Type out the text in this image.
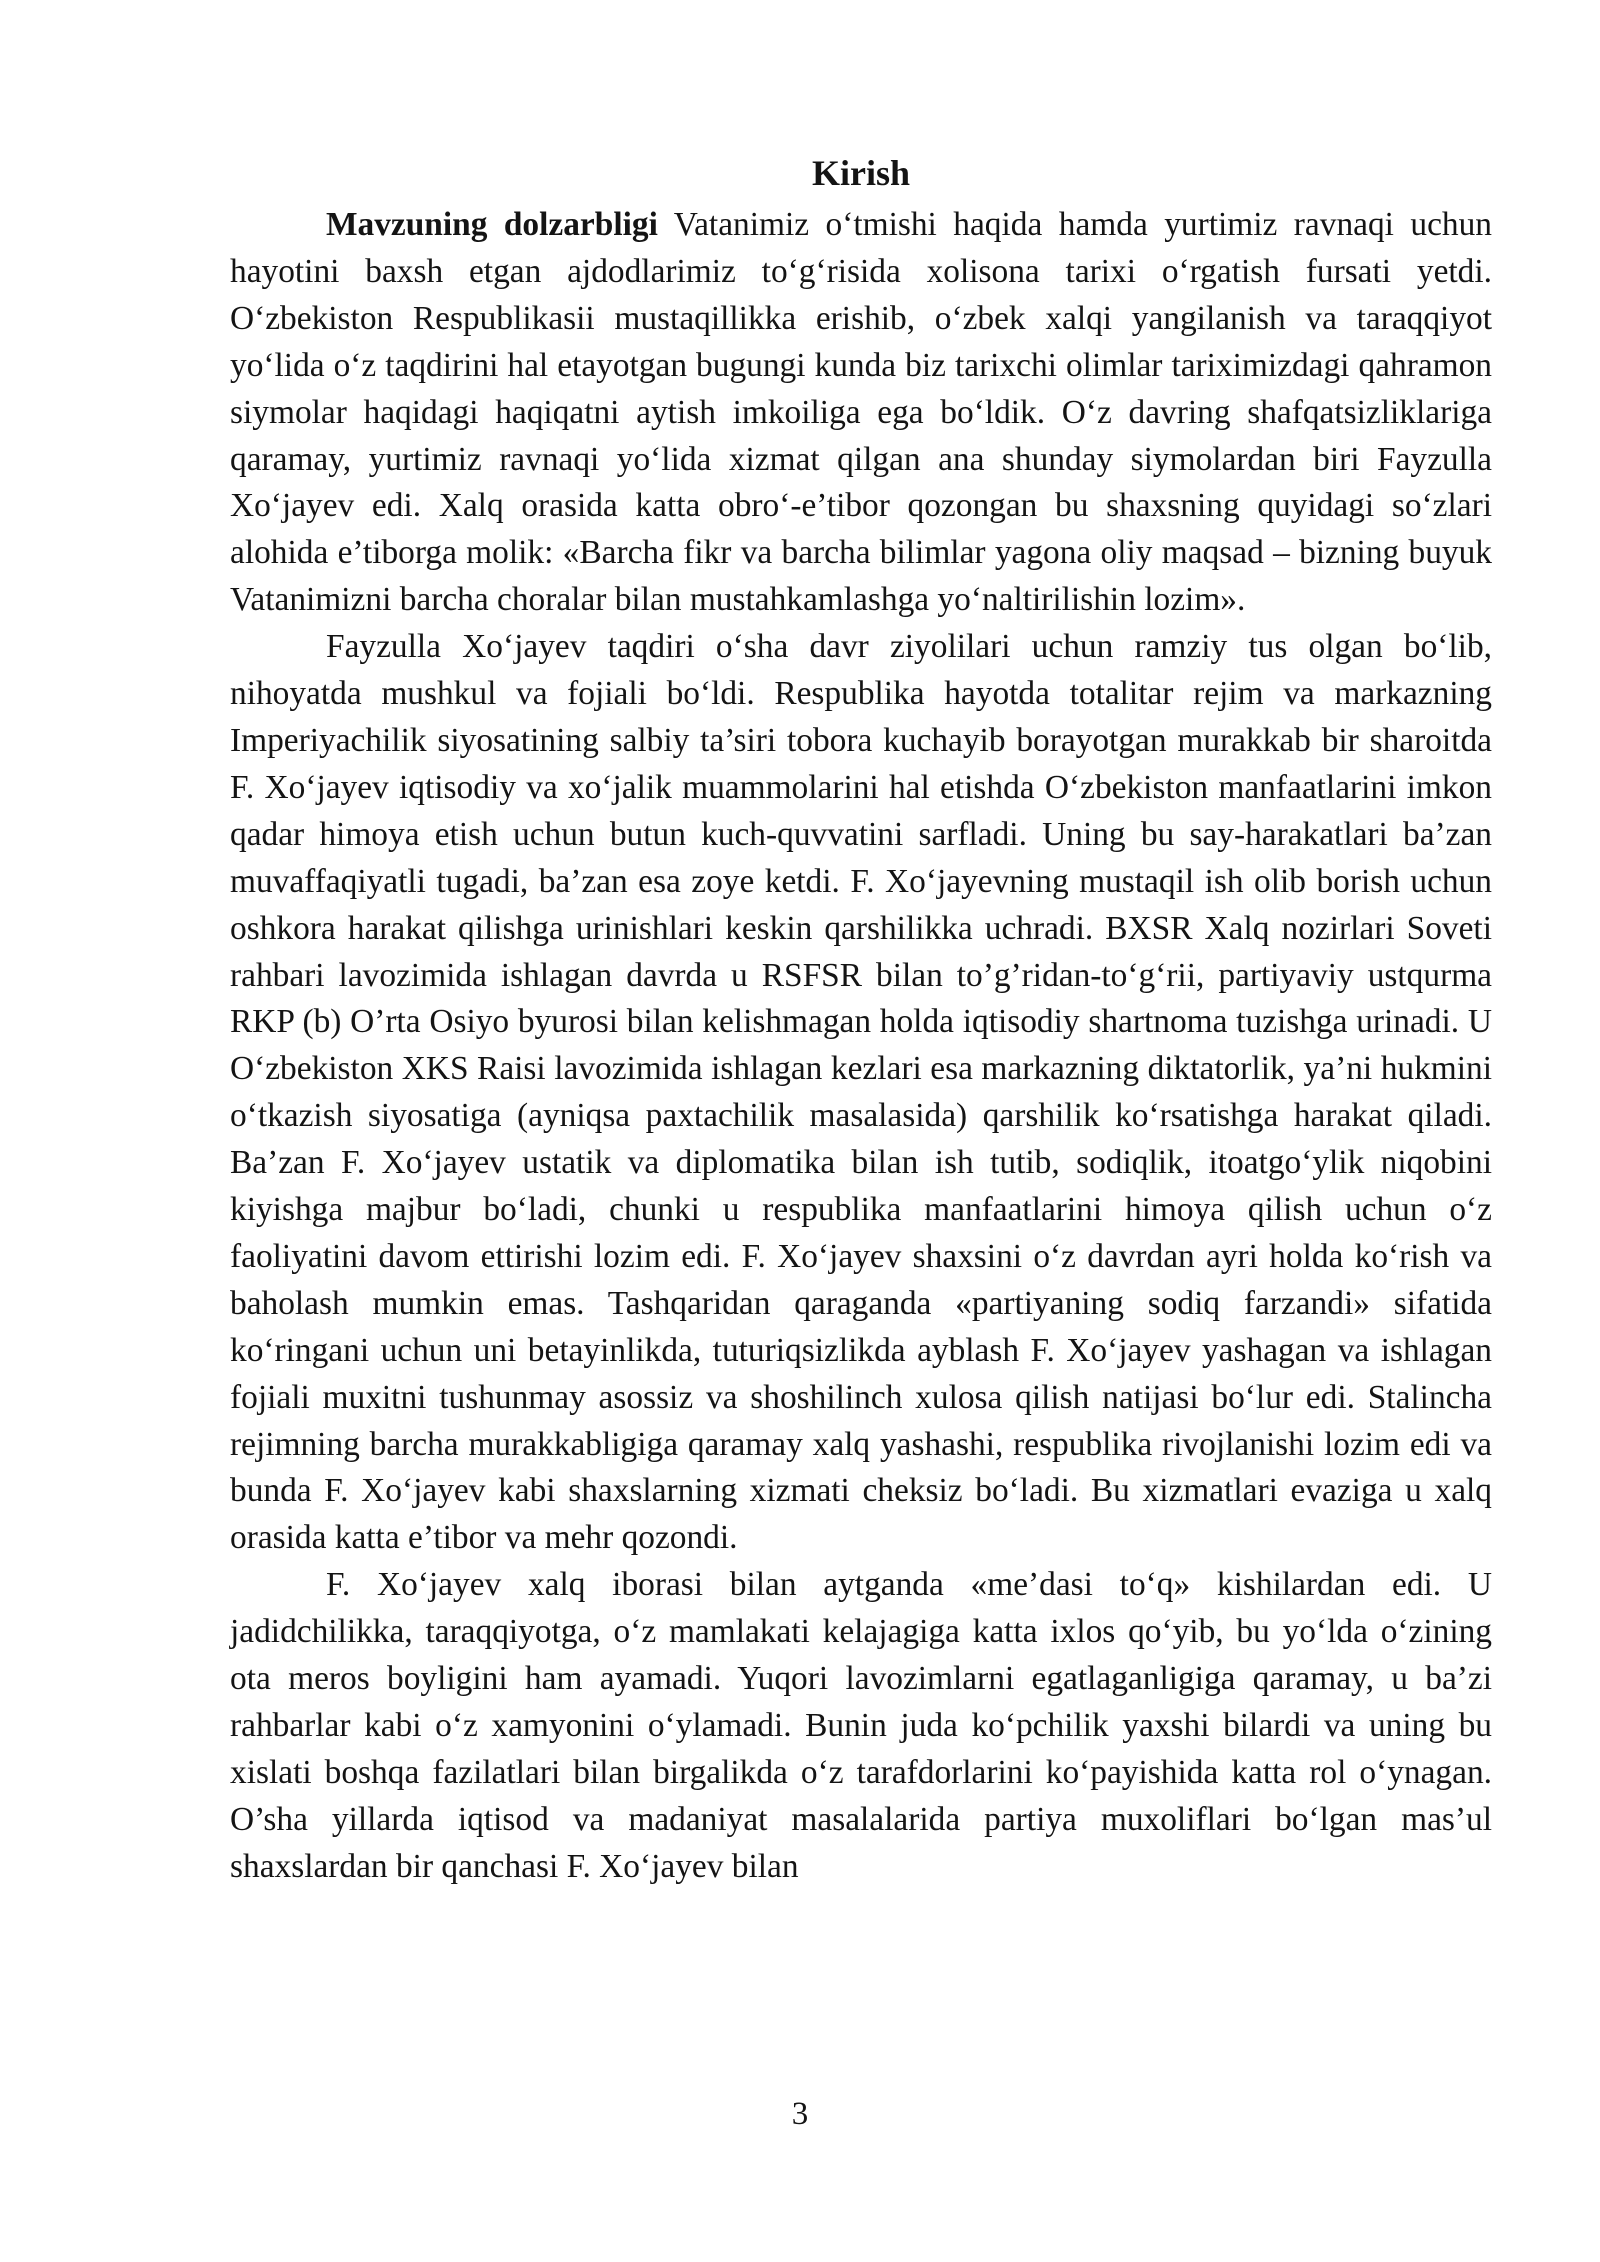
Kirish

Mavzuning dolzarbligi Vatanimiz o‘tmishi haqida hamda yurtimiz ravnaqi uchun hayotini baxsh etgan ajdodlarimiz to‘g‘risida xolisona tarixi o‘rgatish fursati yetdi. O‘zbekiston Respublikasii mustaqillikka erishib, o‘zbek xalqi yangilanish va taraqqiyot yo‘lida o‘z taqdirini hal etayotgan bugungi kunda biz tarixchi olimlar tariximizdagi qahramon siymolar haqidagi haqiqatni aytish imkoiliga ega bo‘ldik. O‘z davring shafqatsizliklariga qaramay, yurtimiz ravnaqi yo‘lida xizmat qilgan ana shunday siymolardan biri Fayzulla Xo‘jayev edi. Xalq orasida katta obro‘-e’tibor qozongan bu shaxsning quyidagi so‘zlari alohida e’tiborga molik: «Barcha fikr va barcha bilimlar yagona oliy maqsad – bizning buyuk Vatanimizni barcha choralar bilan mustahkamlashga yo‘naltirilishin lozim».

Fayzulla Xo‘jayev taqdiri o‘sha davr ziyolilari uchun ramziy tus olgan bo‘lib, nihoyatda mushkul va fojiali bo‘ldi. Respublika hayotda totalitar rejim va markazning Imperiyachilik siyosatining salbiy ta’siri tobora kuchayib borayotgan murakkab bir sharoitda F. Xo‘jayev iqtisodiy va xo‘jalik muammolarini hal etishda O‘zbekiston manfaatlarini imkon qadar himoya etish uchun butun kuch-quvvatini sarfladi. Uning bu say-harakatlari ba’zan muvaffaqiyatli tugadi, ba’zan esa zoye ketdi. F. Xo‘jayevning mustaqil ish olib borish uchun oshkora harakat qilishga urinishlari keskin qarshilikka uchradi. BXSR Xalq nozirlari Soveti rahbari lavozimida ishlagan davrda u RSFSR bilan to’g’ridan-to‘g‘rii, partiyaviy ustqurma RKP (b) O’rta Osiyo byurosi bilan kelishmagan holda iqtisodiy shartnoma tuzishga urinadi. U O‘zbekiston XKS Raisi lavozimida ishlagan kezlari esa markazning diktatorlik, ya’ni hukmini o‘tkazish siyosatiga (ayniqsa paxtachilik masalasida) qarshilik ko‘rsatishga harakat qiladi. Ba’zan F. Xo‘jayev ustatik va diplomatika bilan ish tutib, sodiqlik, itoatgo‘ylik niqobini kiyishga majbur bo‘ladi, chunki u respublika manfaatlarini himoya qilish uchun o‘z faoliyatini davom ettirishi lozim edi. F. Xo‘jayev shaxsini o‘z davrdan ayri holda ko‘rish va baholash mumkin emas. Tashqaridan qaraganda «partiyaning sodiq farzandi» sifatida ko‘ringani uchun uni betayinlikda, tuturiqsizlikda ayblash F. Xo‘jayev yashagan va ishlagan fojiali muxitni tushunmay asossiz va shoshilinch xulosa qilish natijasi bo‘lur edi. Stalincha rejimning barcha murakkabligiga qaramay xalq yashashi, respublika rivojlanishi lozim edi va bunda F. Xo‘jayev kabi shaxslarning xizmati cheksiz bo‘ladi. Bu xizmatlari evaziga u xalq orasida katta e’tibor va mehr qozondi.

F. Xo‘jayev xalq iborasi bilan aytganda «me’dasi to‘q» kishilardan edi. U jadidchilikka, taraqqiyotga, o‘z mamlakati kelajagiga katta ixlos qo‘yib, bu yo‘lda o‘zining ota meros boyligini ham ayamadi. Yuqori lavozimlarni egatlaganligiga qaramay, u ba’zi rahbarlar kabi o‘z xamyonini o‘ylamadi. Bunin juda ko‘pchilik yaxshi bilardi va uning bu xislati boshqa fazilatlari bilan birgalikda o‘z tarafdorlarini ko‘payishida katta rol o‘ynagan. O’sha yillarda iqtisod va madaniyat masalalarida partiya muxoliflari bo‘lgan mas’ul shaxslardan bir qanchasi F. Xo‘jayev bilan

3
